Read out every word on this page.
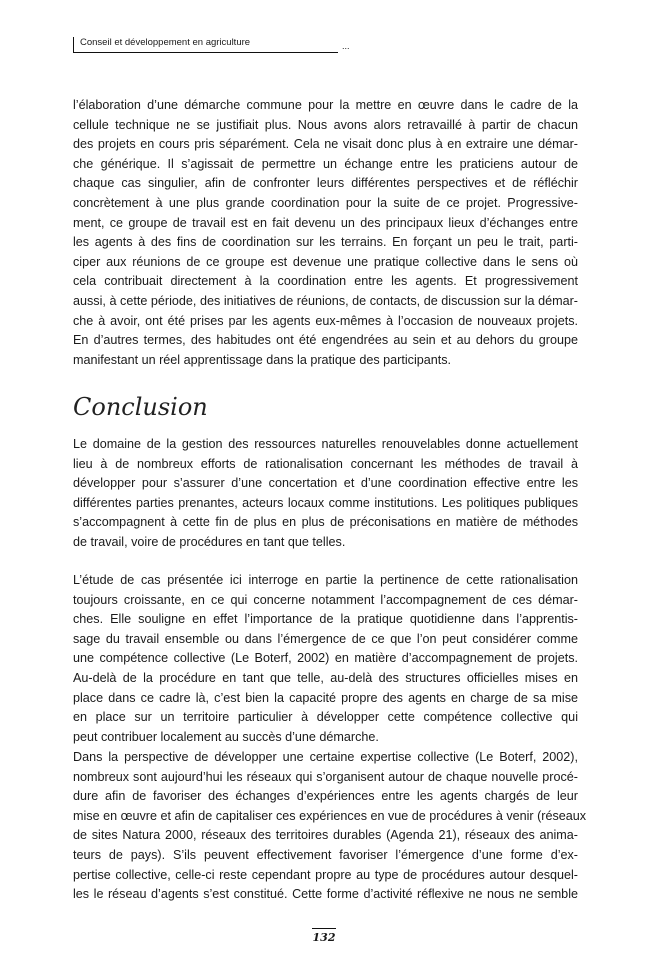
Conseil et développement en agriculture	...
l’élaboration d’une démarche commune pour la mettre en œuvre dans le cadre de la
cellule technique ne se justifiait plus. Nous avons alors retravaillé à partir de chacun
des projets en cours pris séparément. Cela ne visait donc plus à en extraire une démar-
che générique. Il s’agissait de permettre un échange entre les praticiens autour de
chaque cas singulier, afin de confronter leurs différentes perspectives et de réfléchir
concrètement à une plus grande coordination pour la suite de ce projet. Progressive-
ment, ce groupe de travail est en fait devenu un des principaux lieux d’échanges entre
les agents à des fins de coordination sur les terrains. En forçant un peu le trait, parti-
ciper aux réunions de ce groupe est devenue une pratique collective dans le sens où
cela contribuait directement à la coordination entre les agents. Et progressivement
aussi, à cette période, des initiatives de réunions, de contacts, de discussion sur la démar-
che à avoir, ont été prises par les agents eux-mêmes à l’occasion de nouveaux projets.
En d’autres termes, des habitudes ont été engendrées au sein et au dehors du groupe
manifestant un réel apprentissage dans la pratique des participants.
Conclusion
Le domaine de la gestion des ressources naturelles renouvelables donne actuellement
lieu à de nombreux efforts de rationalisation concernant les méthodes de travail à
développer pour s’assurer d’une concertation et d’une coordination effective entre les
différentes parties prenantes, acteurs locaux comme institutions. Les politiques publiques
s’accompagnent à cette fin de plus en plus de préconisations en matière de méthodes
de travail, voire de procédures en tant que telles.
L’étude de cas présentée ici interroge en partie la pertinence de cette rationalisation
toujours croissante, en ce qui concerne notamment l’accompagnement de ces démar-
ches. Elle souligne en effet l’importance de la pratique quotidienne dans l’apprentis-
sage du travail ensemble ou dans l’émergence de ce que l’on peut considérer comme
une compétence collective (Le Boterf, 2002) en matière d’accompagnement de projets.
Au-delà de la procédure en tant que telle, au-delà des structures officielles mises en
place dans ce cadre là, c’est bien la capacité propre des agents en charge de sa mise
en place sur un territoire particulier à développer cette compétence collective qui
peut contribuer localement au succès d’une démarche.
Dans la perspective de développer une certaine expertise collective (Le Boterf, 2002),
nombreux sont aujourd’hui les réseaux qui s’organisent autour de chaque nouvelle procé-
dure afin de favoriser des échanges d’expériences entre les agents chargés de leur
mise en œuvre et afin de capitaliser ces expériences en vue de procédures à venir (réseaux
de sites Natura 2000, réseaux des territoires durables (Agenda 21), réseaux des anima-
teurs de pays). S’ils peuvent effectivement favoriser l’émergence d’une forme d’ex-
pertise collective, celle-ci reste cependant propre au type de procédures autour desquel-
les le réseau d’agents s’est constitué. Cette forme d’activité réflexive ne nous ne semble
132
